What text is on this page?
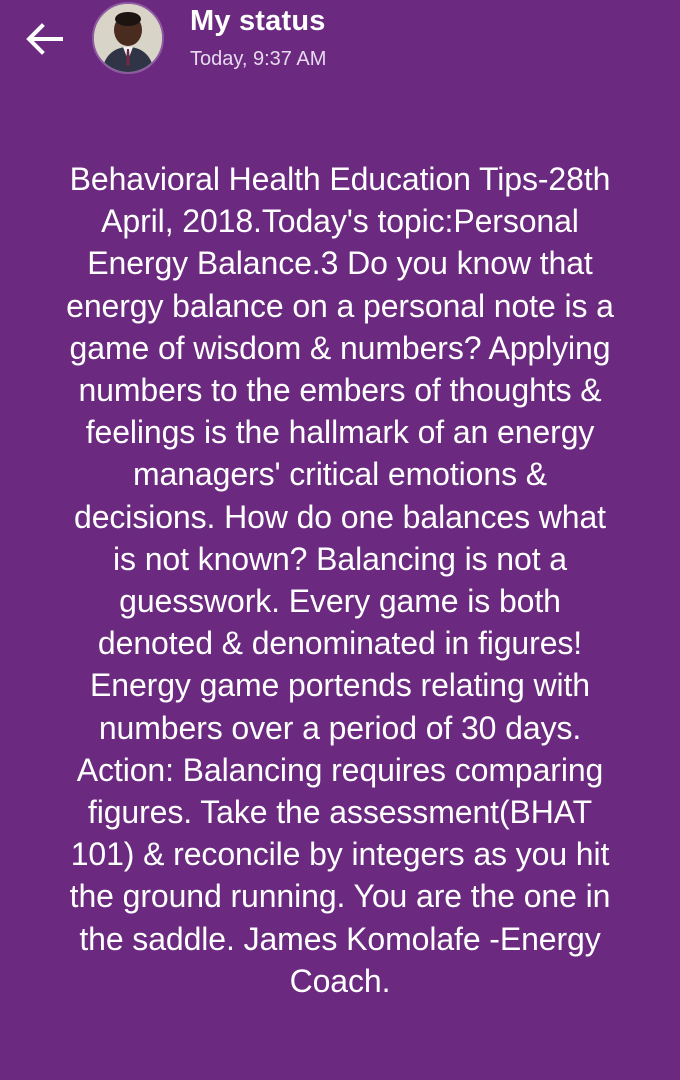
My status
Today, 9:37 AM
Behavioral Health Education Tips-28th
April, 2018.Today's topic:Personal
Energy Balance.3 Do you know that
energy balance on a personal note is a
game of wisdom & numbers? Applying
numbers to the embers of thoughts &
feelings is the hallmark of an energy
managers' critical emotions &
decisions. How do one balances what
is not known? Balancing is not a
guesswork. Every game is both
denoted & denominated in figures!
Energy game portends relating with
numbers over a period of 30 days.
Action: Balancing requires comparing
figures. Take the assessment(BHAT
101) & reconcile by integers as you hit
the ground running. You are the one in
the saddle. James Komolafe -Energy
Coach.
